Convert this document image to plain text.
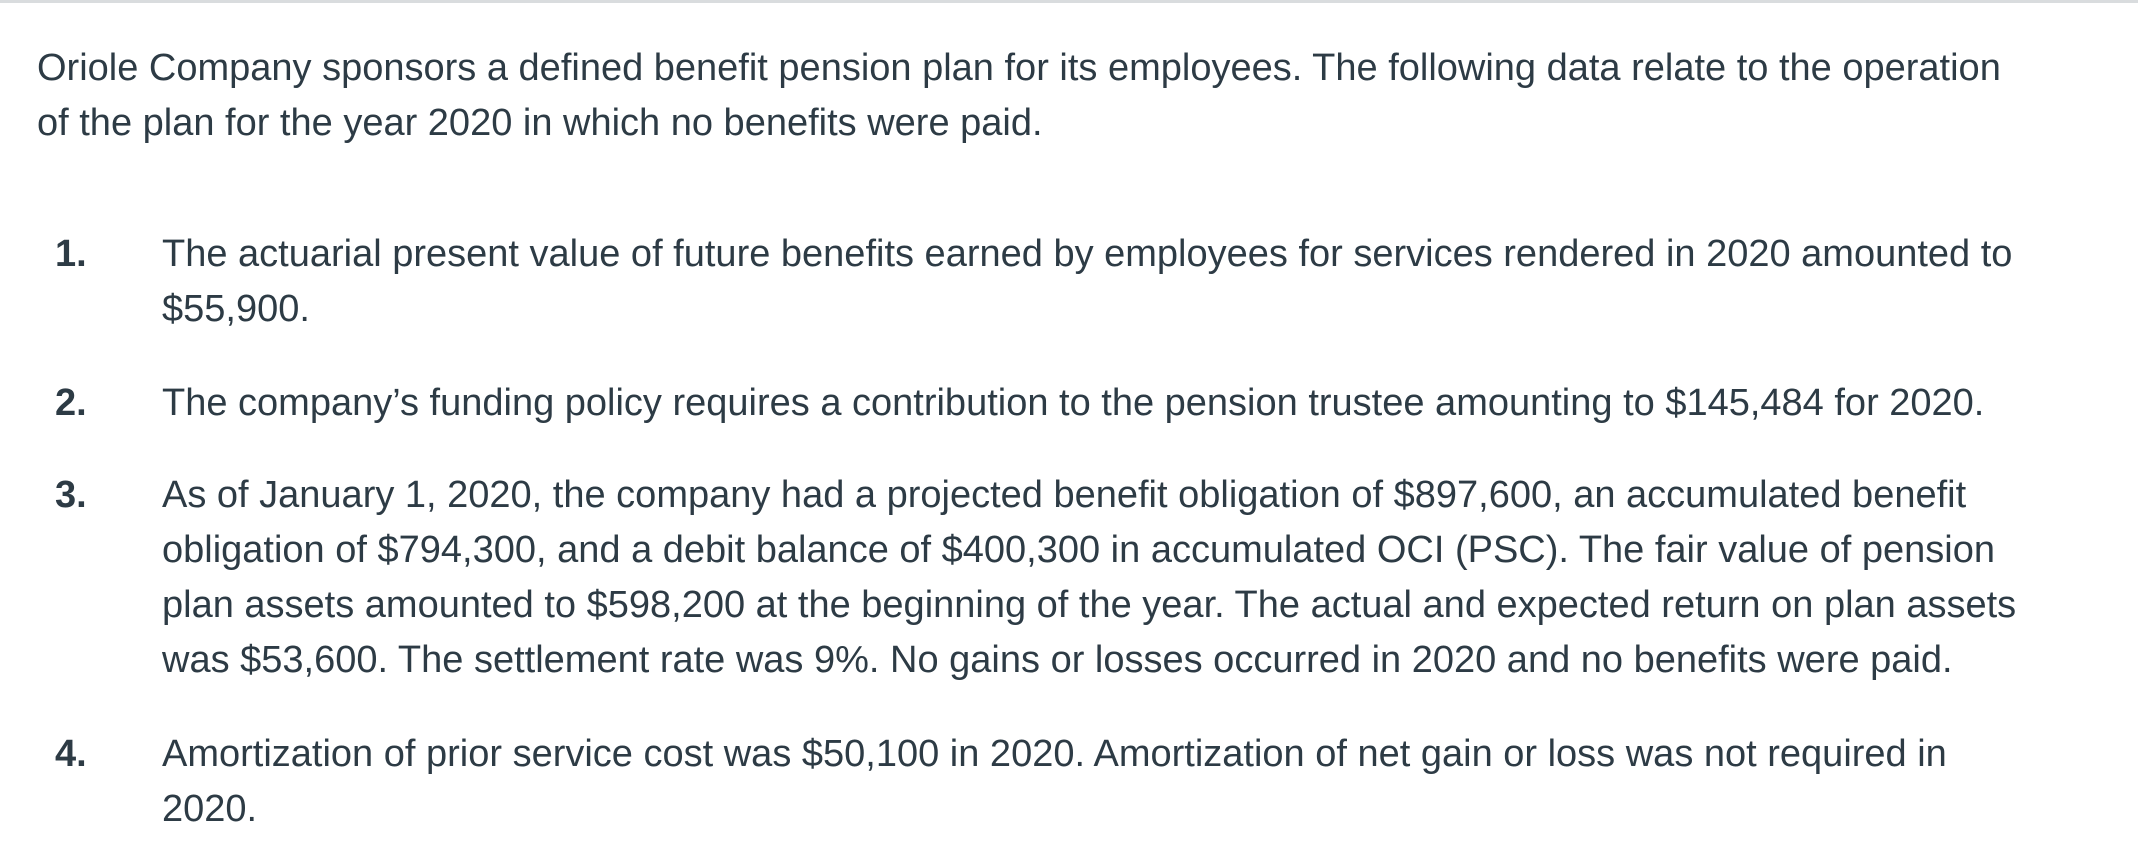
Oriole Company sponsors a defined benefit pension plan for its employees. The following data relate to the operation
of the plan for the year 2020 in which no benefits were paid.

1. The actuarial present value of future benefits earned by employees for services rendered in 2020 amounted to
$55,900.
2. The company’s funding policy requires a contribution to the pension trustee amounting to $145,484 for 2020.
3. As of January 1, 2020, the company had a projected benefit obligation of $897,600, an accumulated benefit
obligation of $794,300, and a debit balance of $400,300 in accumulated OCI (PSC). The fair value of pension
plan assets amounted to $598,200 at the beginning of the year. The actual and expected return on plan assets
was $53,600. The settlement rate was 9%. No gains or losses occurred in 2020 and no benefits were paid.
4. Amortization of prior service cost was $50,100 in 2020. Amortization of net gain or loss was not required in
2020.
